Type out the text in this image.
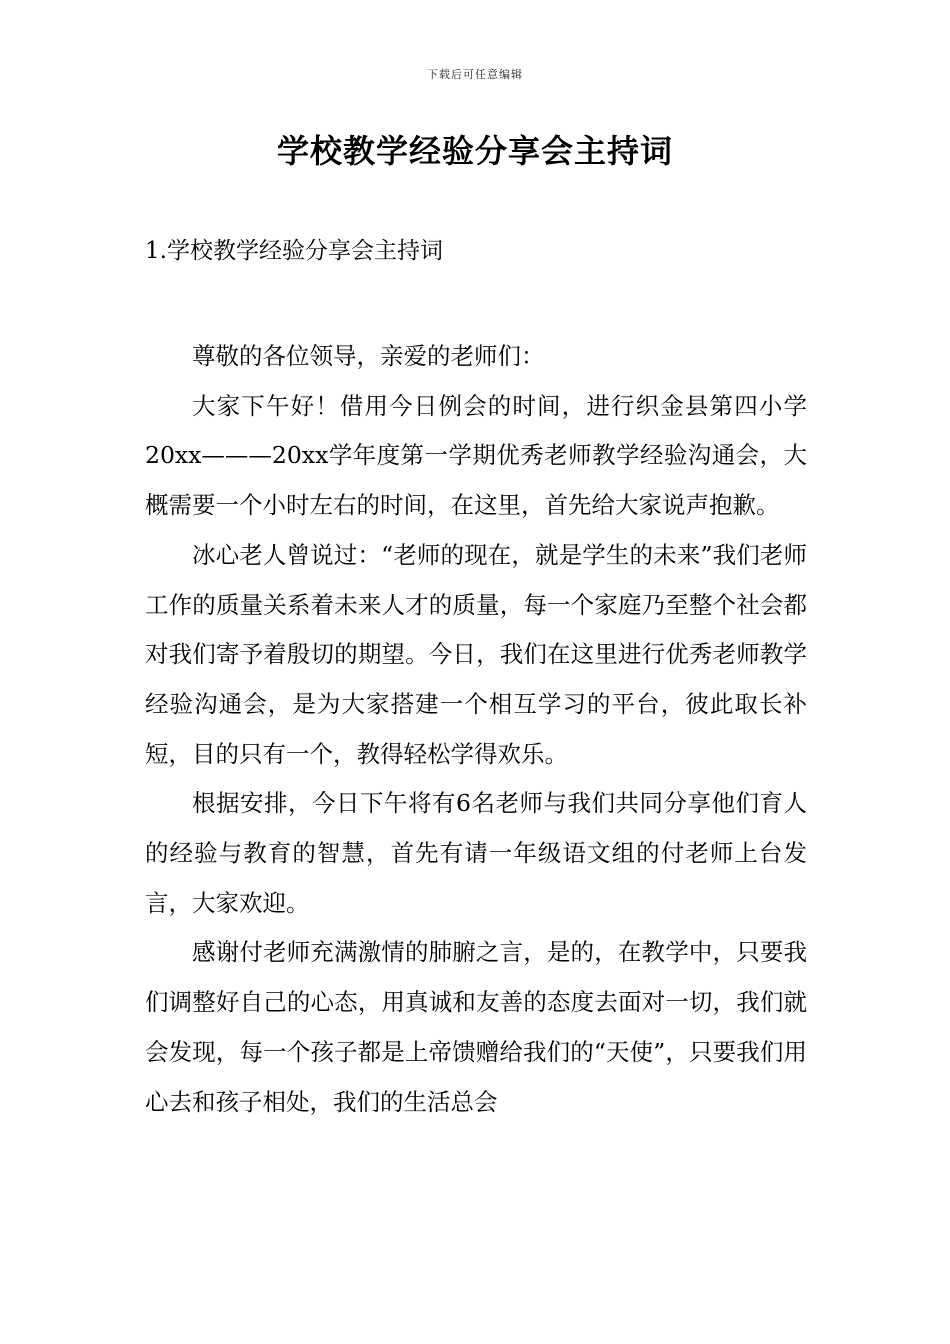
下载后可任意编辑
学校教学经验分享会主持词
1.学校教学经验分享会主持词

尊敬的各位领导，亲爱的老师们：

大家下午好！借用今日例会的时间，进行织金县第四小学20xx———20xx学年度第一学期优秀老师教学经验沟通会，大概需要一个小时左右的时间，在这里，首先给大家说声抱歉。

冰心老人曾说过：“老师的现在，就是学生的未来”我们老师工作的质量关系着未来人才的质量，每一个家庭乃至整个社会都对我们寄予着殷切的期望。今日，我们在这里进行优秀老师教学经验沟通会，是为大家搭建一个相互学习的平台，彼此取长补短，目的只有一个，教得轻松学得欢乐。

根据安排，今日下午将有6名老师与我们共同分享他们育人的经验与教育的智慧，首先有请一年级语文组的付老师上台发言，大家欢迎。

感谢付老师充满激情的肺腑之言，是的，在教学中，只要我们调整好自己的心态，用真诚和友善的态度去面对一切，我们就会发现，每一个孩子都是上帝馈赠给我们的“天使”，只要我们用心去和孩子相处，我们的生活总会
